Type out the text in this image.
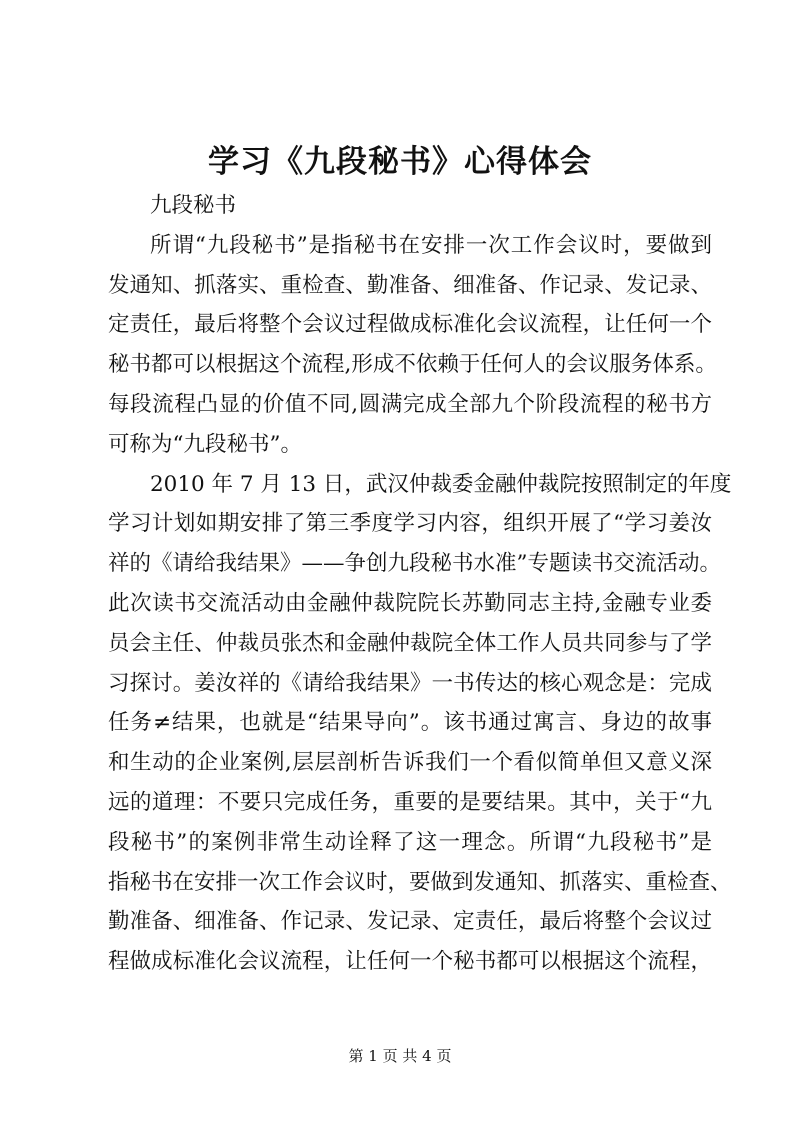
学习《九段秘书》心得体会
九段秘书
所谓“九段秘书”是指秘书在安排一次工作会议时，要做到
发通知、抓落实、重检查、勤准备、细准备、作记录、发记录、
定责任，最后将整个会议过程做成标准化会议流程，让任何一个
秘书都可以根据这个流程,形成不依赖于任何人的会议服务体系。
每段流程凸显的价值不同,圆满完成全部九个阶段流程的秘书方
可称为“九段秘书”。
2010 年 7 月 13 日，武汉仲裁委金融仲裁院按照制定的年度
学习计划如期安排了第三季度学习内容，组织开展了“学习姜汝
祥的《请给我结果》——争创九段秘书水准”专题读书交流活动。
此次读书交流活动由金融仲裁院院长苏勤同志主持,金融专业委
员会主任、仲裁员张杰和金融仲裁院全体工作人员共同参与了学
习探讨。姜汝祥的《请给我结果》一书传达的核心观念是：完成
任务≠结果，也就是“结果导向”。该书通过寓言、身边的故事
和生动的企业案例,层层剖析告诉我们一个看似简单但又意义深
远的道理：不要只完成任务，重要的是要结果。其中，关于“九
段秘书”的案例非常生动诠释了这一理念。所谓“九段秘书”是
指秘书在安排一次工作会议时，要做到发通知、抓落实、重检查、
勤准备、细准备、作记录、发记录、定责任，最后将整个会议过
程做成标准化会议流程，让任何一个秘书都可以根据这个流程，
第 1 页 共 4 页
